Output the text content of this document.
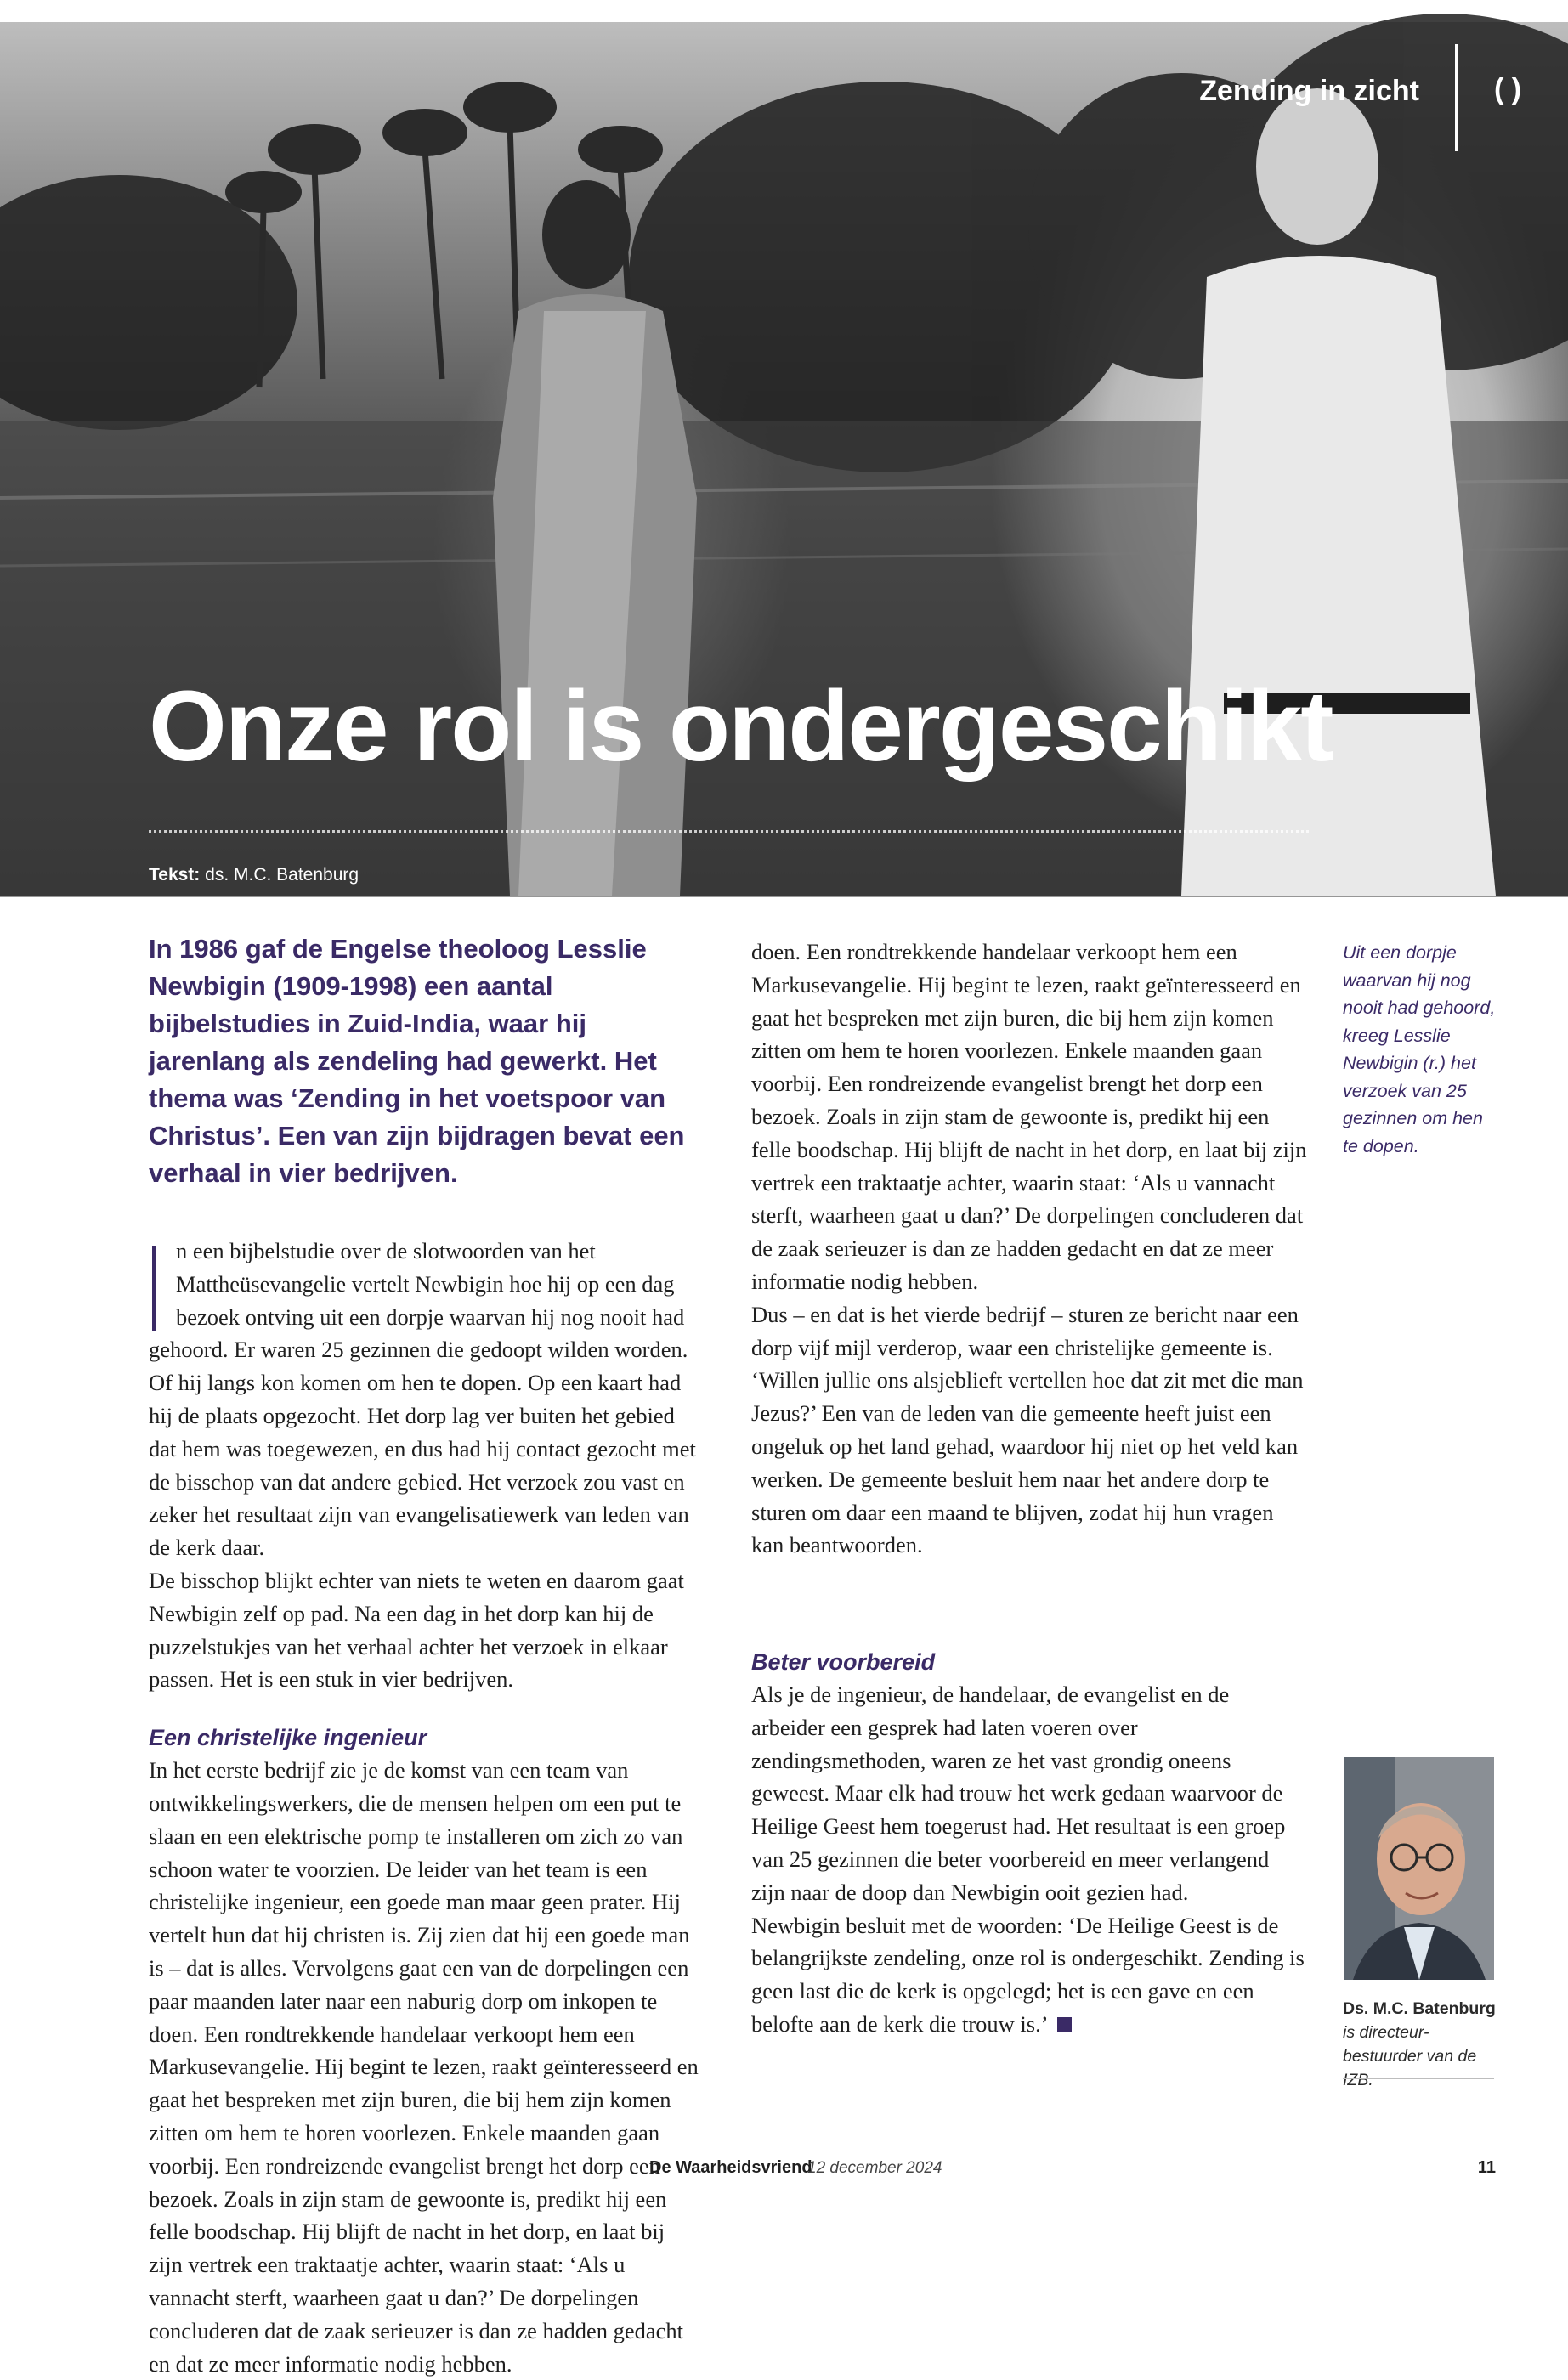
Zending in zicht	( )
Onze rol is ondergeschikt
Tekst: ds. M.C. Batenburg

In 1986 gaf de Engelse theoloog Lesslie Newbigin (1909-1998) een aantal bijbelstudies in Zuid-India, waar hij jarenlang als zendeling had gewerkt. Het thema was ‘Zending in het voetspoor van Christus’. Een van zijn bijdragen bevat een verhaal in vier bedrijven.

n een bijbelstudie over de slotwoorden van het Mattheüsevangelie vertelt Newbigin hoe hij op een dag bezoek ontving uit een dorpje waarvan hij nog nooit had gehoord. Er waren 25 gezinnen die gedoopt wilden worden. Of hij langs kon komen om hen te dopen. Op een kaart had hij de plaats opgezocht. Het dorp lag ver buiten het gebied dat hem was toegewezen, en dus had hij contact gezocht met de bisschop van dat andere gebied. Het verzoek zou vast en zeker het resultaat zijn van evangelisatiewerk van leden van de kerk daar.

De bisschop blijkt echter van niets te weten en daarom gaat Newbigin zelf op pad. Na een dag in het dorp kan hij de puzzelstukjes van het verhaal achter het verzoek in elkaar passen. Het is een stuk in vier bedrijven.

Een christelijke ingenieur

In het eerste bedrijf zie je de komst van een team van ontwikkelingswerkers, die de mensen helpen om een put te slaan en een elektrische pomp te installeren om zich zo van schoon water te voorzien. De leider van het team is een christelijke ingenieur, een goede man maar geen prater. Hij vertelt hun dat hij christen is. Zij zien dat hij een goede man is – dat is alles. Vervolgens gaat een van de dorpelingen een paar maanden later naar een naburig dorp om inkopen te doen. Een rondtrekkende handelaar verkoopt hem een Markusevangelie. Hij begint te lezen, raakt geïnteresseerd en gaat het bespreken met zijn buren, die bij hem zijn komen zitten om hem te horen voorlezen. Enkele maanden gaan voorbij. Een rondreizende evangelist brengt het dorp een bezoek. Zoals in zijn stam de gewoonte is, predikt hij een felle boodschap. Hij blijft de nacht in het dorp, en laat bij zijn vertrek een traktaatje achter, waarin staat: ‘Als u vannacht sterft, waarheen gaat u dan?’ De dorpelingen concluderen dat de zaak serieuzer is dan ze hadden gedacht en dat ze meer informatie nodig hebben.

doen. Een rondtrekkende handelaar verkoopt hem een Markusevangelie. Hij begint te lezen, raakt geïnteresseerd en gaat het bespreken met zijn buren, die bij hem zijn komen zitten om hem te horen voorlezen. Enkele maanden gaan voorbij. Een rondreizende evangelist brengt het dorp een bezoek. Zoals in zijn stam de gewoonte is, predikt hij een felle boodschap. Hij blijft de nacht in het dorp, en laat bij zijn vertrek een traktaatje achter, waarin staat: ‘Als u vannacht sterft, waarheen gaat u dan?’ De dorpelingen concluderen dat de zaak serieuzer is dan ze hadden gedacht en dat ze meer informatie nodig hebben.
Dus – en dat is het vierde bedrijf – sturen ze bericht naar een dorp vijf mijl verderop, waar een christelijke gemeente is. ‘Willen jullie ons alsjeblieft vertellen hoe dat zit met die man Jezus?’ Een van de leden van die gemeente heeft juist een ongeluk op het land gehad, waardoor hij niet op het veld kan werken. De gemeente besluit hem naar het andere dorp te sturen om daar een maand te blijven, zodat hij hun vragen kan beantwoorden.

Beter voorbereid

Als je de ingenieur, de handelaar, de evangelist en de arbeider een gesprek had laten voeren over zendingsmethoden, waren ze het vast grondig oneens geweest. Maar elk had trouw het werk gedaan waarvoor de Heilige Geest hem toegerust had. Het resultaat is een groep van 25 gezinnen die beter voorbereid en meer verlangend zijn naar de doop dan Newbigin ooit gezien had.

Newbigin besluit met de woorden: ‘De Heilige Geest is de belangrijkste zendeling, onze rol is ondergeschikt. Zending is geen last die de kerk is opgelegd; het is een gave en een belofte aan de kerk die trouw is.’

Uit een dorpje waarvan hij nog nooit had gehoord, kreeg Lesslie Newbigin (r.) het verzoek van 25 gezinnen om hen te dopen.

Ds. M.C. Batenburg
is directeur-bestuurder van de IZB.
De Waarheidsvriend
12 december 2024	11
